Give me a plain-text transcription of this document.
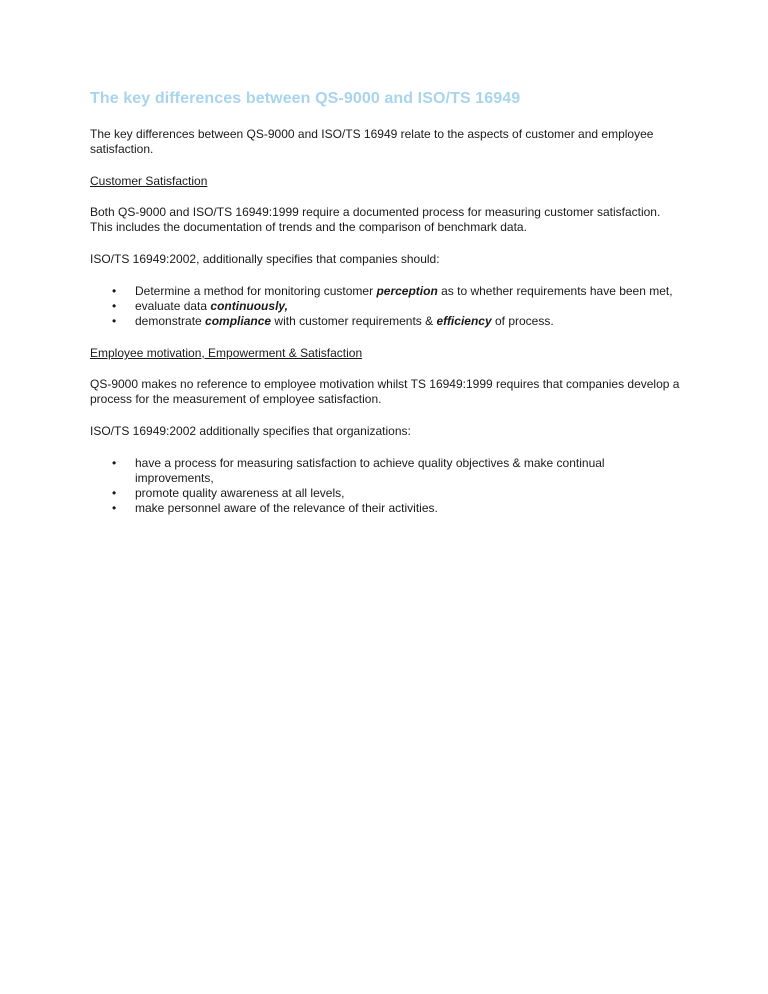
The key differences between QS-9000 and ISO/TS 16949

The key differences between QS-9000 and ISO/TS 16949 relate to the aspects of customer and employee satisfaction.

Customer Satisfaction

Both QS-9000 and ISO/TS 16949:1999 require a documented process for measuring customer satisfaction. This includes the documentation of trends and the comparison of benchmark data.

ISO/TS 16949:2002, additionally specifies that companies should:

• Determine a method for monitoring customer perception as to whether requirements have been met,
• evaluate data continuously,
• demonstrate compliance with customer requirements & efficiency of process.
Employee motivation, Empowerment & Satisfaction

QS-9000 makes no reference to employee motivation whilst TS 16949:1999 requires that companies develop a process for the measurement of employee satisfaction.

ISO/TS 16949:2002 additionally specifies that organizations:

• have a process for measuring satisfaction to achieve quality objectives & make continual improvements,
• promote quality awareness at all levels,
• make personnel aware of the relevance of their activities.
